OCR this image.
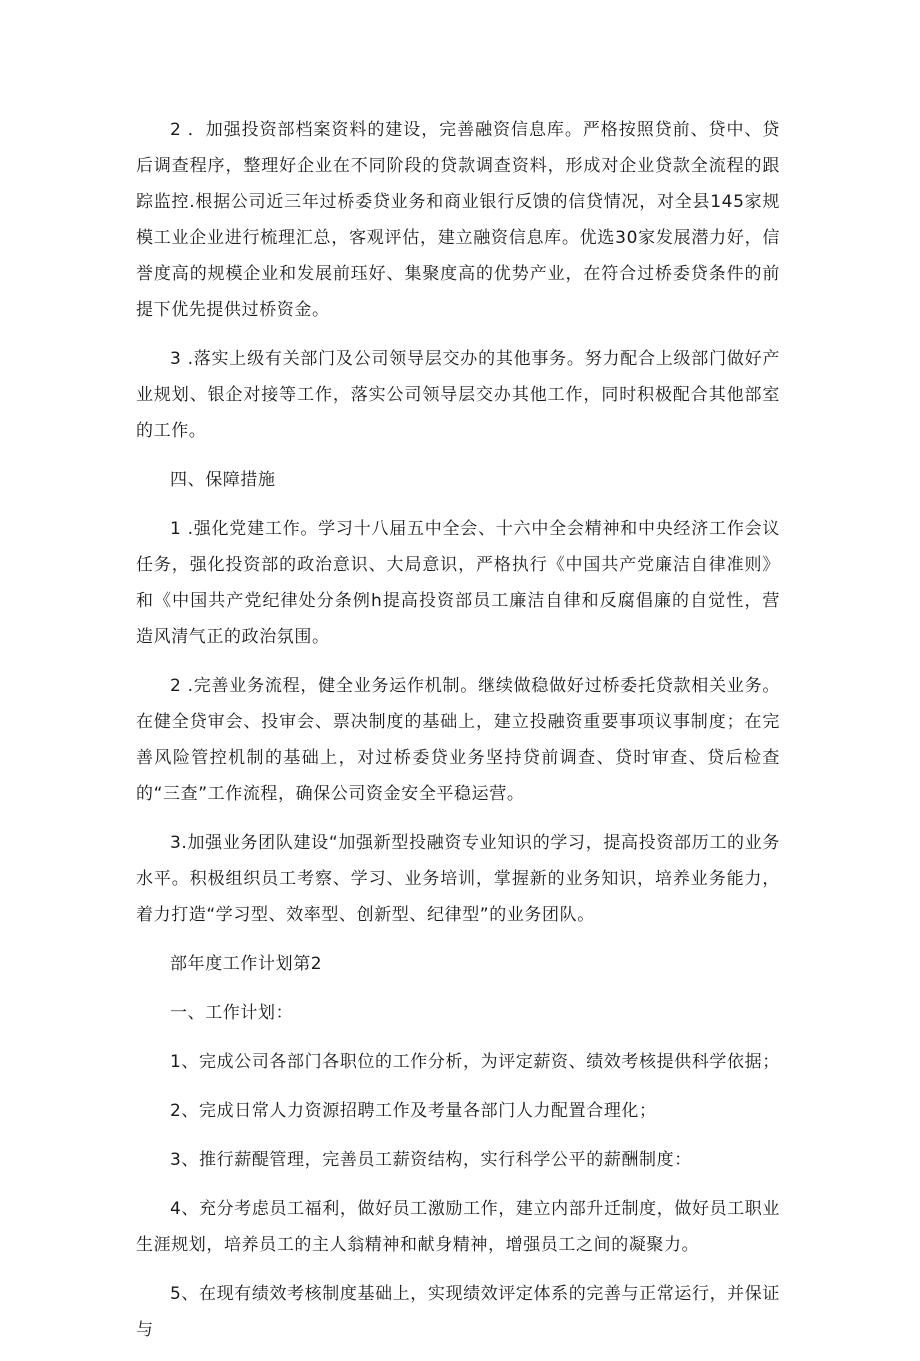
2 ．加强投资部档案资料的建设，完善融资信息库。严格按照贷前、贷中、贷后调查程序，整理好企业在不同阶段的贷款调查资料，形成对企业贷款全流程的跟踪监控.根据公司近三年过桥委贷业务和商业银行反馈的信贷情况，对全县145家规模工业企业进行梳理汇总，客观评估，建立融资信息库。优选30家发展潜力好，信誉度高的规模企业和发展前珏好、集聚度高的优势产业，在符合过桥委贷条件的前提下优先提供过桥资金。

3 .落实上级有关部门及公司领导层交办的其他事务。努力配合上级部门做好产业规划、银企对接等工作，落实公司领导层交办其他工作，同时积极配合其他部室的工作。

四、保障措施

1 .强化党建工作。学习十八届五中全会、十六中全会精神和中央经济工作会议任务，强化投资部的政治意识、大局意识，严格执行《中国共产党廉洁自律准则》和《中国共产党纪律处分条例h提高投资部员工廉洁自律和反腐倡廉的自觉性，营造风清气正的政治氛围。

2 .完善业务流程，健全业务运作机制。继续做稳做好过桥委托贷款相关业务。在健全贷审会、投审会、票决制度的基础上，建立投融资重要事项议事制度；在完善风险管控机制的基础上，对过桥委贷业务坚持贷前调查、贷时审查、贷后检查的“三查”工作流程，确保公司资金安全平稳运营。

3.加强业务团队建设“加强新型投融资专业知识的学习，提高投资部历工的业务水平。积极组织员工考察、学习、业务培训，掌握新的业务知识，培养业务能力，着力打造“学习型、效率型、创新型、纪律型”的业务团队。

部年度工作计划第2

一、工作计划：

1、完成公司各部门各职位的工作分析，为评定薪资、绩效考核提供科学依据；

2、完成日常人力资源招聘工作及考量各部门人力配置合理化；

3、推行薪醍管理，完善员工薪资结构，实行科学公平的薪酬制度：

4、充分考虑员工福利，做好员工激励工作，建立内部升迁制度，做好员工职业生涯规划，培养员工的主人翁精神和献身精神，增强员工之间的凝聚力。

5、在现有绩效考核制度基础上，实现绩效评定体系的完善与正常运行，并保证与
